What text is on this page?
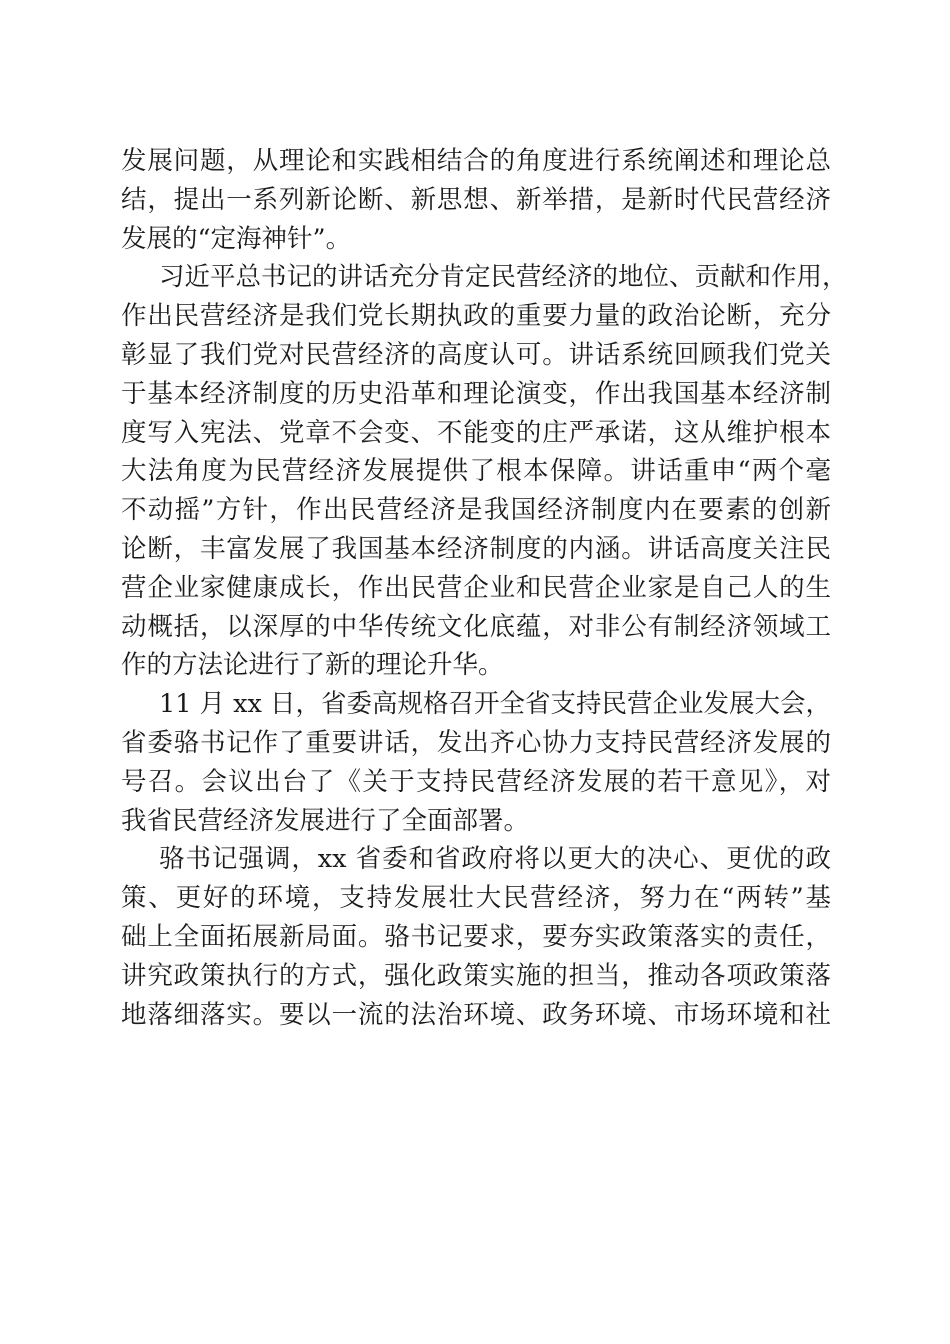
发展问题，从理论和实践相结合的角度进行系统阐述和理论总
结，提出一系列新论断、新思想、新举措，是新时代民营经济
发展的“定海神针”。
习近平总书记的讲话充分肯定民营经济的地位、贡献和作用，
作出民营经济是我们党长期执政的重要力量的政治论断，充分
彰显了我们党对民营经济的高度认可。讲话系统回顾我们党关
于基本经济制度的历史沿革和理论演变，作出我国基本经济制
度写入宪法、党章不会变、不能变的庄严承诺，这从维护根本
大法角度为民营经济发展提供了根本保障。讲话重申“两个毫
不动摇”方针，作出民营经济是我国经济制度内在要素的创新
论断，丰富发展了我国基本经济制度的内涵。讲话高度关注民
营企业家健康成长，作出民营企业和民营企业家是自己人的生
动概括，以深厚的中华传统文化底蕴，对非公有制经济领域工
作的方法论进行了新的理论升华。
11 月 xx 日，省委高规格召开全省支持民营企业发展大会，
省委骆书记作了重要讲话，发出齐心协力支持民营经济发展的
号召。会议出台了《关于支持民营经济发展的若干意见》，对
我省民营经济发展进行了全面部署。
骆书记强调，xx 省委和省政府将以更大的决心、更优的政
策、更好的环境，支持发展壮大民营经济，努力在“两转”基
础上全面拓展新局面。骆书记要求，要夯实政策落实的责任，
讲究政策执行的方式，强化政策实施的担当，推动各项政策落
地落细落实。要以一流的法治环境、政务环境、市场环境和社
